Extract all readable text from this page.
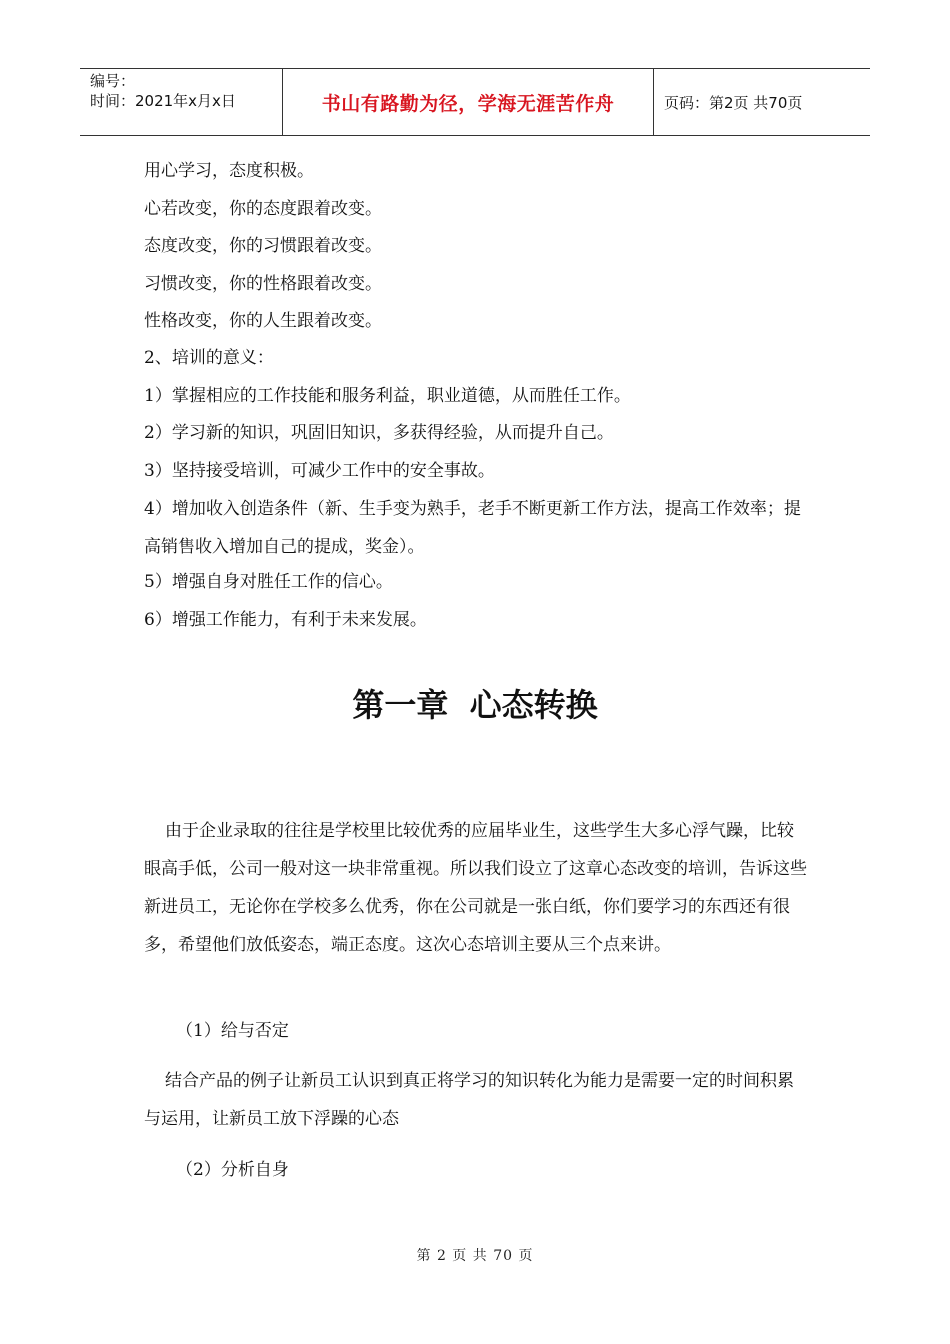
编号：
时间：2021年x月x日	书山有路勤为径，学海无涯苦作舟	页码：第2页 共70页

用心学习，态度积极。

心若改变，你的态度跟着改变。

态度改变，你的习惯跟着改变。

习惯改变，你的性格跟着改变。

性格改变，你的人生跟着改变。

2、培训的意义：

1）掌握相应的工作技能和服务利益，职业道德，从而胜任工作。

2）学习新的知识，巩固旧知识，多获得经验，从而提升自己。

3）坚持接受培训，可减少工作中的安全事故。

4）增加收入创造条件（新、生手变为熟手，老手不断更新工作方法，提高工作效率；提高销售收入增加自己的提成，奖金）。

5）增强自身对胜任工作的信心。

6）增强工作能力，有利于未来发展。

第一章 心态转换

由于企业录取的往往是学校里比较优秀的应届毕业生，这些学生大多心浮气躁，比较眼高手低，公司一般对这一块非常重视。所以我们设立了这章心态改变的培训，告诉这些新进员工，无论你在学校多么优秀，你在公司就是一张白纸，你们要学习的东西还有很多，希望他们放低姿态，端正态度。这次心态培训主要从三个点来讲。

（1）给与否定

结合产品的例子让新员工认识到真正将学习的知识转化为能力是需要一定的时间积累与运用，让新员工放下浮躁的心态

（2）分析自身

第 2 页 共 70 页
